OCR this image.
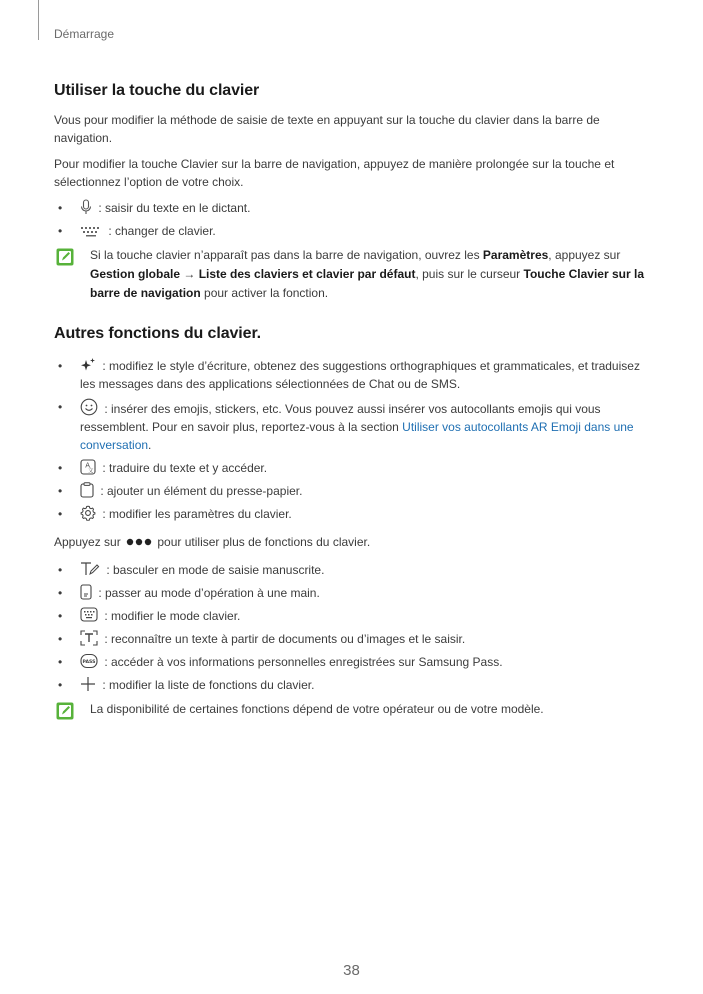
Démarrage
Utiliser la touche du clavier

Vous pour modifier la méthode de saisie de texte en appuyant sur la touche du clavier dans la barre de navigation.

Pour modifier la touche Clavier sur la barre de navigation, appuyez de manière prolongée sur la touche et sélectionnez l’option de votre choix.

• : saisir du texte en le dictant.
• : changer de clavier.

Si la touche clavier n’apparaît pas dans la barre de navigation, ouvrez les Paramètres, appuyez sur Gestion globale → Liste des claviers et clavier par défaut, puis sur le curseur Touche Clavier sur la barre de navigation pour activer la fonction.

Autres fonctions du clavier.
• : modifiez le style d’écriture, obtenez des suggestions orthographiques et grammaticales, et traduisez les messages dans des applications sélectionnées de Chat ou de SMS.
• : insérer des emojis, stickers, etc. Vous pouvez aussi insérer vos autocollants emojis qui vous ressemblent. Pour en savoir plus, reportez-vous à la section Utiliser vos autocollants AR Emoji dans une conversation.
• A
文 : traduire du texte et y accéder.
• : ajouter un élément du presse-papier.
• : modifier les paramètres du clavier.

Appuyez sur	pour utiliser plus de fonctions du clavier.

• : basculer en mode de saisie manuscrite.
• : passer au mode d’opération à une main.
• : modifier le mode clavier.
• : reconnaître un texte à partir de documents ou d’images et le saisir.
• PASS : accéder à vos informations personnelles enregistrées sur Samsung Pass.
• : modifier la liste de fonctions du clavier.

La disponibilité de certaines fonctions dépend de votre opérateur ou de votre modèle.

38
